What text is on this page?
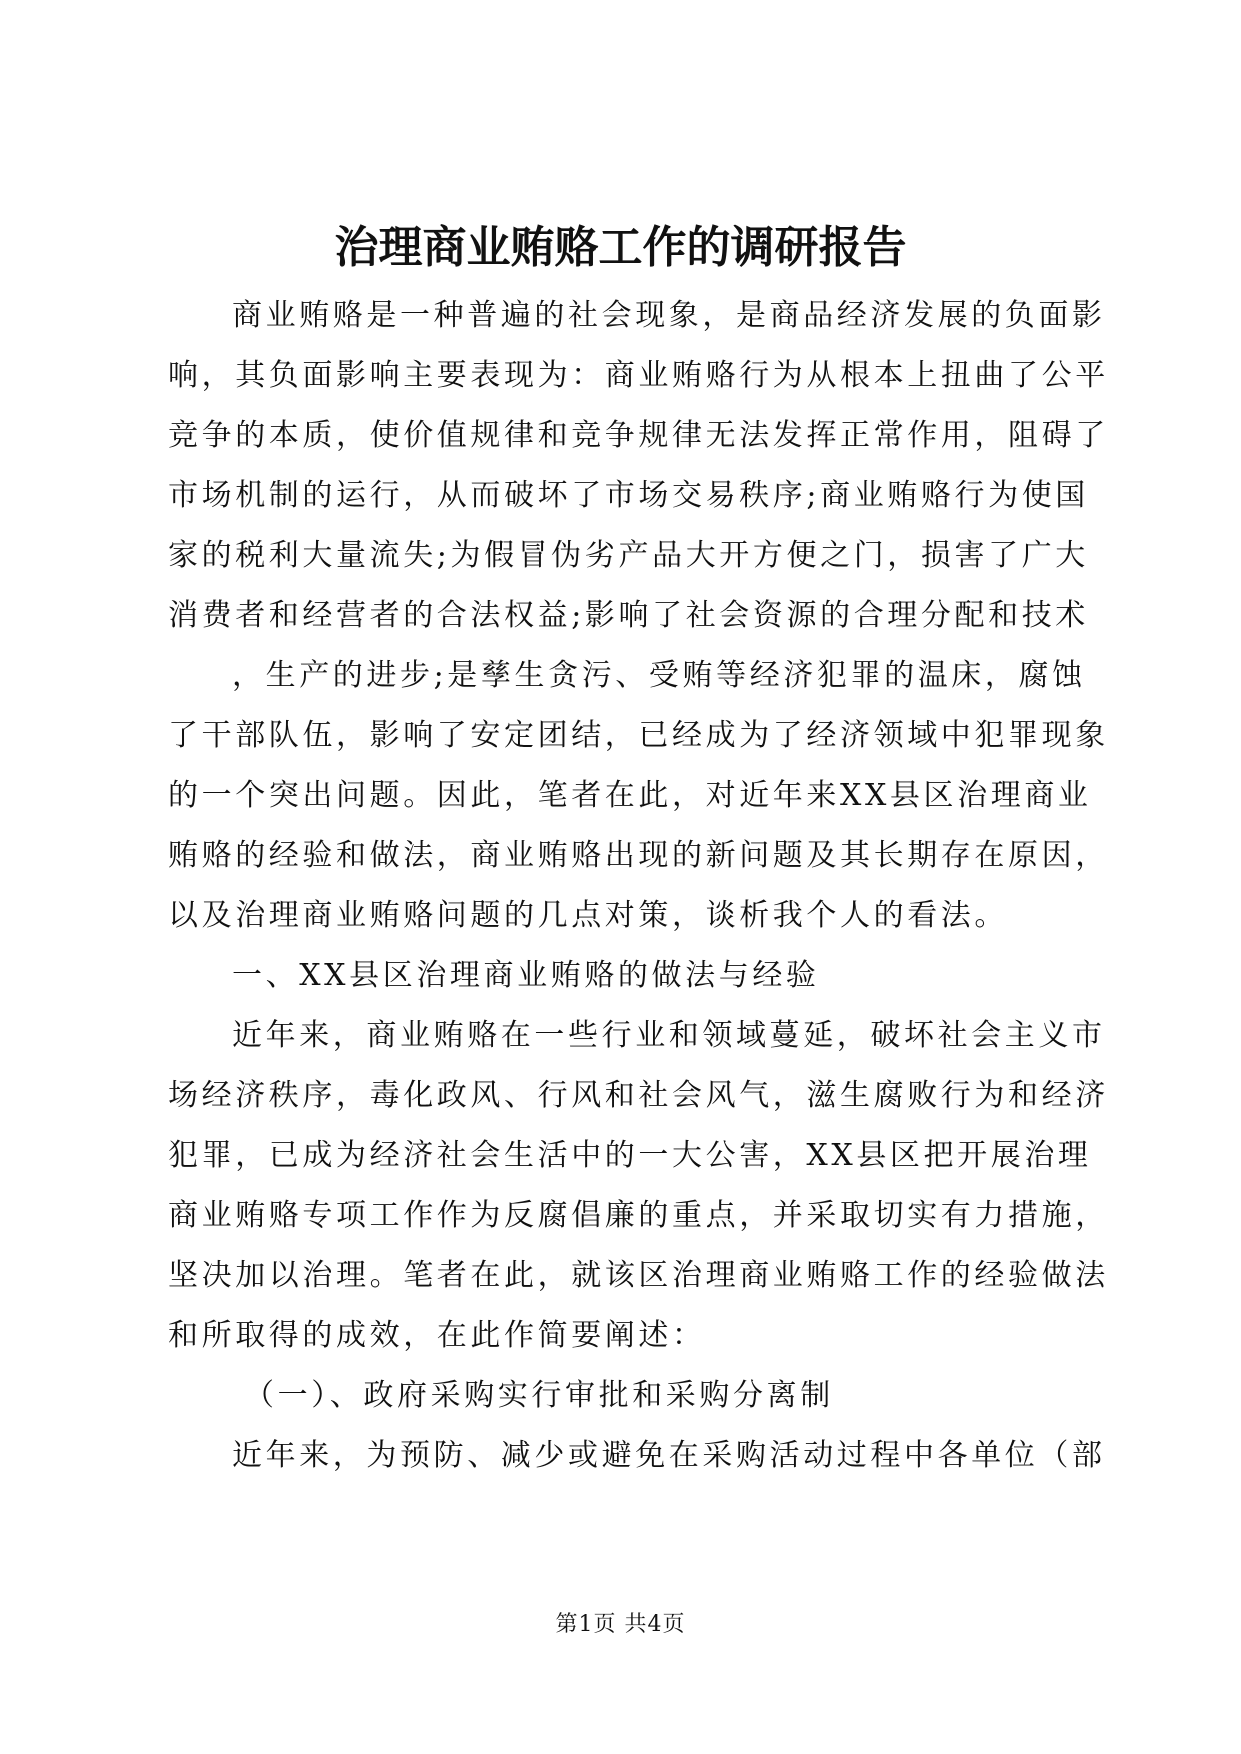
治理商业贿赂工作的调研报告
商业贿赂是一种普遍的社会现象，是商品经济发展的负面影
响，其负面影响主要表现为：商业贿赂行为从根本上扭曲了公平
竞争的本质，使价值规律和竞争规律无法发挥正常作用，阻碍了
市场机制的运行，从而破坏了市场交易秩序;商业贿赂行为使国
家的税利大量流失;为假冒伪劣产品大开方便之门，损害了广大
消费者和经营者的合法权益;影响了社会资源的合理分配和技术
，生产的进步;是孳生贪污、受贿等经济犯罪的温床，腐蚀
了干部队伍，影响了安定团结，已经成为了经济领域中犯罪现象
的一个突出问题。因此，笔者在此，对近年来XX县区治理商业
贿赂的经验和做法，商业贿赂出现的新问题及其长期存在原因，
以及治理商业贿赂问题的几点对策，谈析我个人的看法。
一、XX县区治理商业贿赂的做法与经验
近年来，商业贿赂在一些行业和领域蔓延，破坏社会主义市
场经济秩序，毒化政风、行风和社会风气，滋生腐败行为和经济
犯罪，已成为经济社会生活中的一大公害，XX县区把开展治理
商业贿赂专项工作作为反腐倡廉的重点，并采取切实有力措施，
坚决加以治理。笔者在此，就该区治理商业贿赂工作的经验做法
和所取得的成效，在此作简要阐述：
（一）、政府采购实行审批和采购分离制
近年来，为预防、减少或避免在采购活动过程中各单位（部
第1页 共4页
